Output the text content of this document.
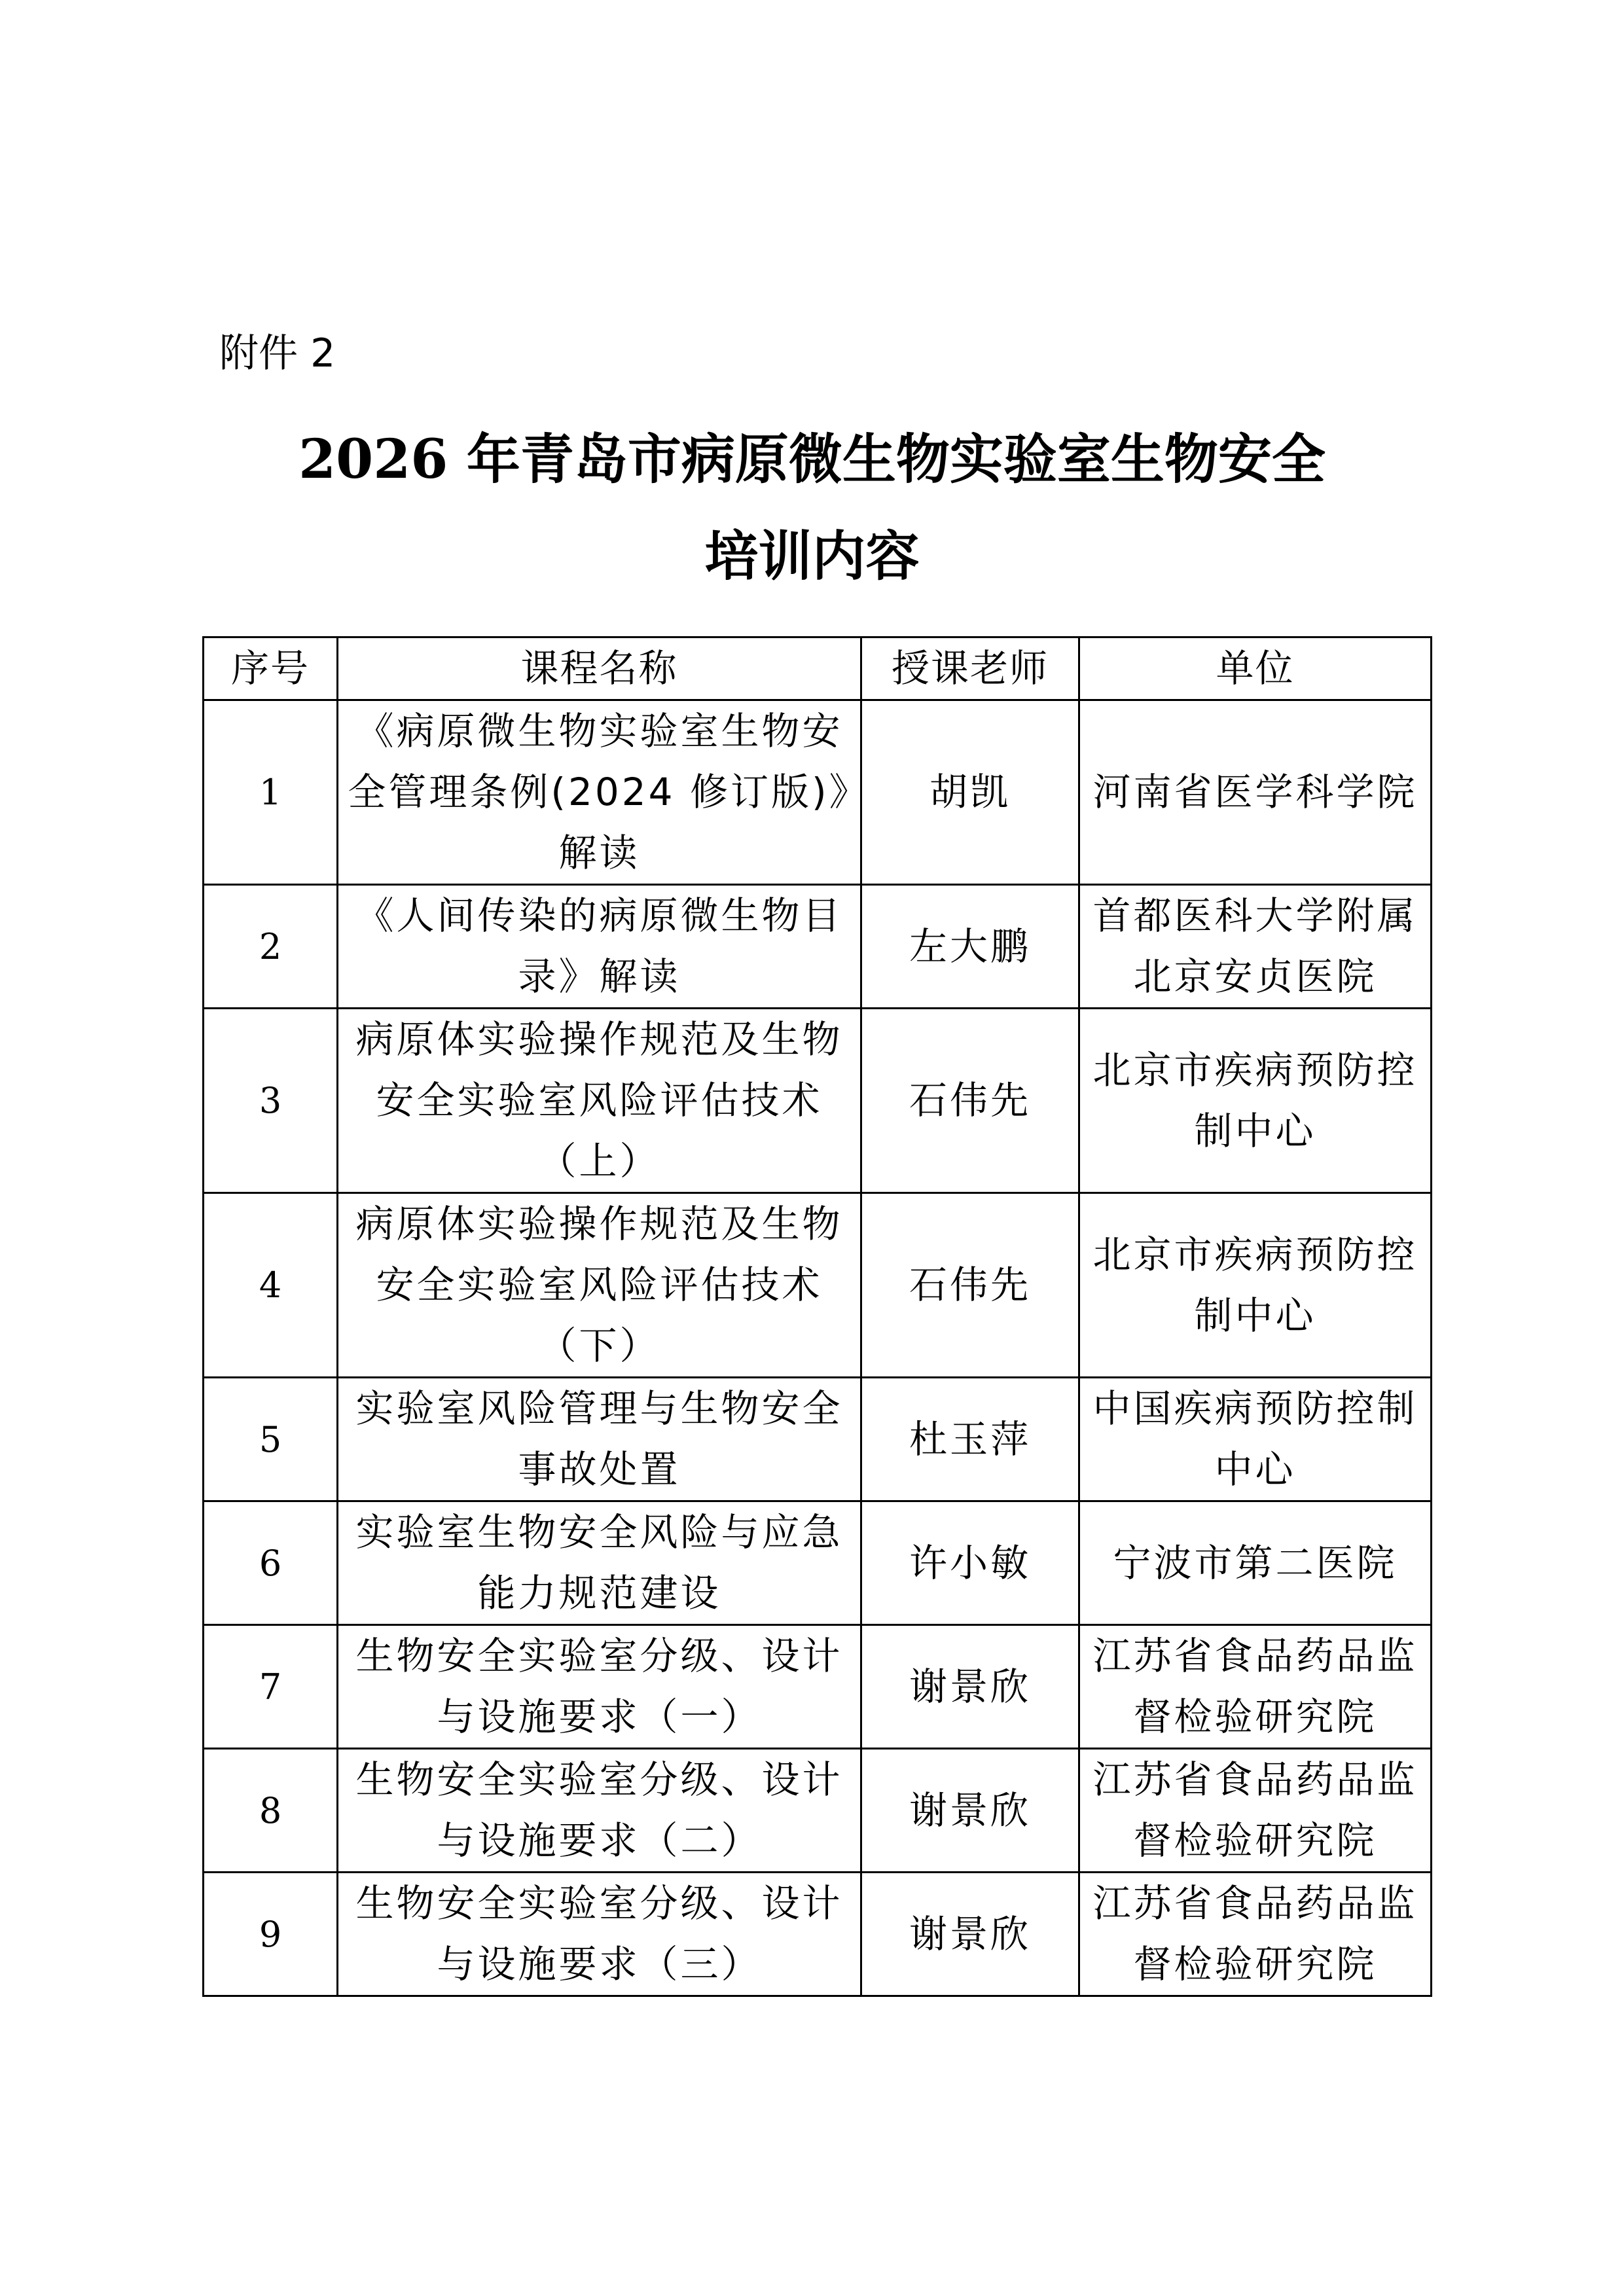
附件 2
2026 年青岛市病原微生物实验室生物安全
培训内容
序号	课程名称	授课老师	单位
1	《病原微生物实验室生物安全管理条例(2024 修订版)》解读	胡凯	河南省医学科学院
2	《人间传染的病原微生物目录》解读	左大鹏	首都医科大学附属北京安贞医院
3	病原体实验操作规范及生物安全实验室风险评估技术（上）	石伟先	北京市疾病预防控制中心
4	病原体实验操作规范及生物安全实验室风险评估技术（下）	石伟先	北京市疾病预防控制中心
5	实验室风险管理与生物安全事故处置	杜玉萍	中国疾病预防控制中心
6	实验室生物安全风险与应急能力规范建设	许小敏	宁波市第二医院
7	生物安全实验室分级、设计与设施要求（一）	谢景欣	江苏省食品药品监督检验研究院
8	生物安全实验室分级、设计与设施要求（二）	谢景欣	江苏省食品药品监督检验研究院
9	生物安全实验室分级、设计与设施要求（三）	谢景欣	江苏省食品药品监督检验研究院
